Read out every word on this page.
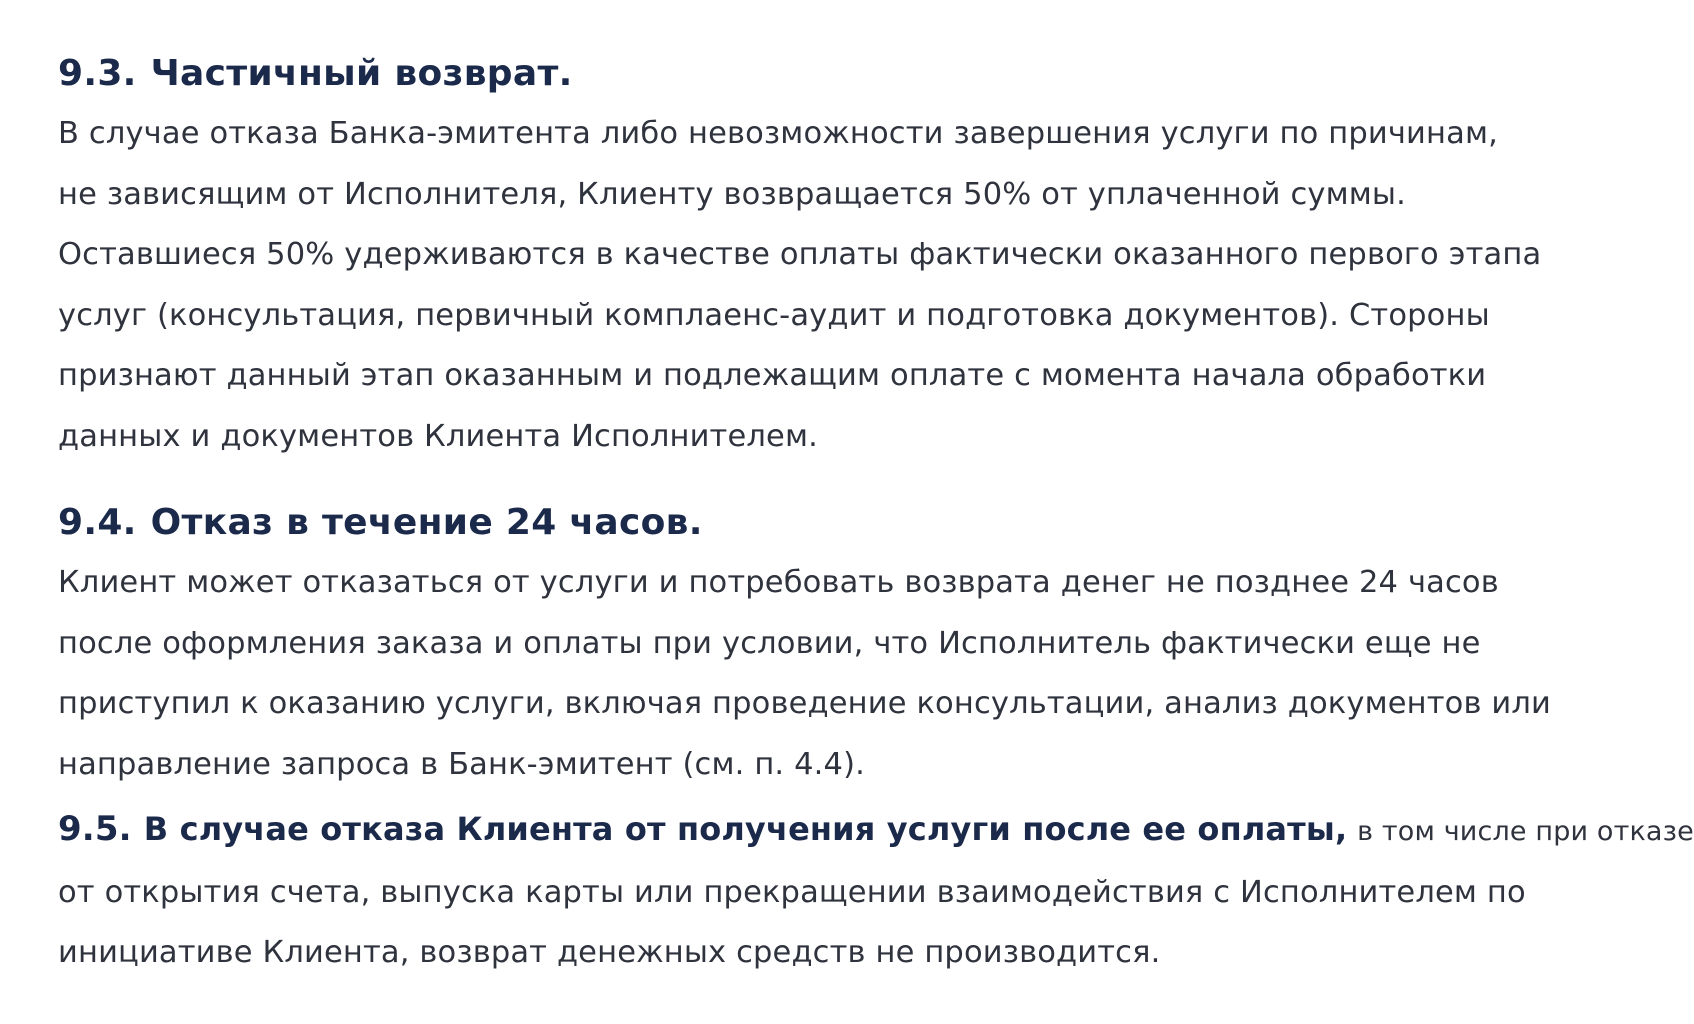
9.3. Частичный возврат.

В случае отказа Банка-эмитента либо невозможности завершения услуги по причинам,
не зависящим от Исполнителя, Клиенту возвращается 50% от уплаченной суммы.
Оставшиеся 50% удерживаются в качестве оплаты фактически оказанного первого этапа
услуг (консультация, первичный комплаенс-аудит и подготовка документов). Стороны
признают данный этап оказанным и подлежащим оплате с момента начала обработки
данных и документов Клиента Исполнителем.

9.4. Отказ в течение 24 часов.

Клиент может отказаться от услуги и потребовать возврата денег не позднее 24 часов
после оформления заказа и оплаты при условии, что Исполнитель фактически еще не
приступил к оказанию услуги, включая проведение консультации, анализ документов или
направление запроса в Банк-эмитент (см. п. 4.4).

9.5. В случае отказа Клиента от получения услуги после ее оплаты, в том числе при отказе
от открытия счета, выпуска карты или прекращении взаимодействия с Исполнителем по
инициативе Клиента, возврат денежных средств не производится.
